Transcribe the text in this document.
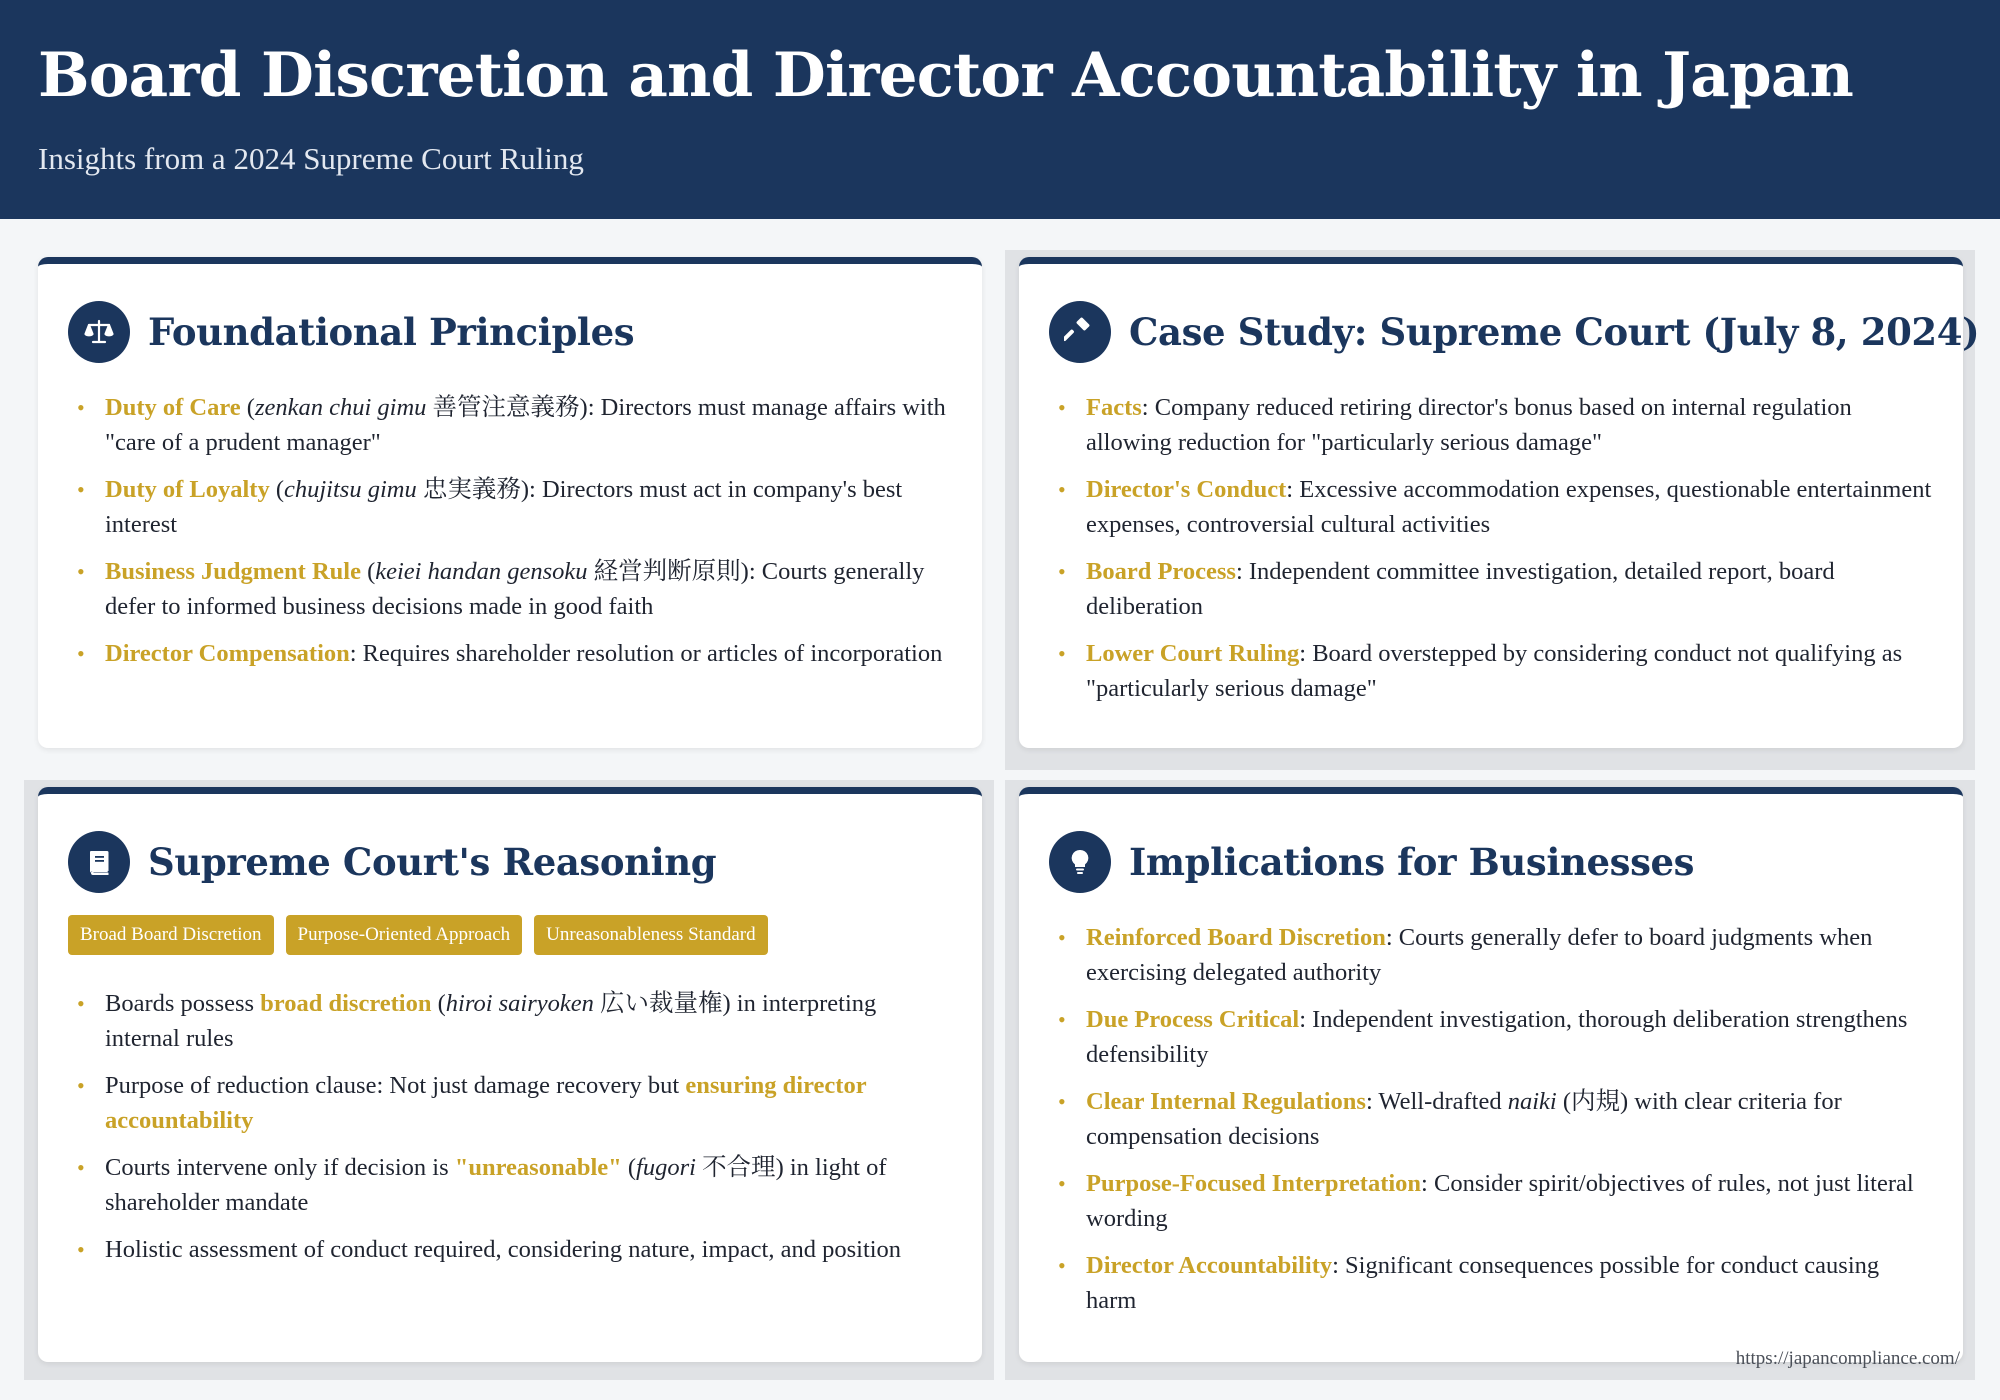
Board Discretion and Director Accountability in Japan

Insights from a 2024 Supreme Court Ruling

Foundational Principles
• Duty of Care (zenkan chui gimu 善管注意義務): Directors must manage affairs with "care of a prudent manager"
• Duty of Loyalty (chujitsu gimu 忠実義務): Directors must act in company's best interest
• Business Judgment Rule (keiei handan gensoku 経営判断原則): Courts generally defer to informed business decisions made in good faith
• Director Compensation: Requires shareholder resolution or articles of incorporation
Case Study: Supreme Court (July 8, 2024)
• Facts: Company reduced retiring director's bonus based on internal regulation allowing reduction for "particularly serious damage"
• Director's Conduct: Excessive accommodation expenses, questionable entertainment expenses, controversial cultural activities
• Board Process: Independent committee investigation, detailed report, board deliberation
• Lower Court Ruling: Board overstepped by considering conduct not qualifying as "particularly serious damage"
Supreme Court's Reasoning
Broad Board Discretion	Purpose-Oriented Approach	Unreasonableness Standard
• Boards possess broad discretion (hiroi sairyoken 広い裁量権) in interpreting internal rules
• Purpose of reduction clause: Not just damage recovery but ensuring director accountability
• Courts intervene only if decision is "unreasonable" (fugori 不合理) in light of shareholder mandate
• Holistic assessment of conduct required, considering nature, impact, and position
Implications for Businesses
• Reinforced Board Discretion: Courts generally defer to board judgments when exercising delegated authority
• Due Process Critical: Independent investigation, thorough deliberation strengthens defensibility
• Clear Internal Regulations: Well-drafted naiki (内規) with clear criteria for compensation decisions
• Purpose-Focused Interpretation: Consider spirit/objectives of rules, not just literal wording
• Director Accountability: Significant consequences possible for conduct causing harm
https://japancompliance.com/
